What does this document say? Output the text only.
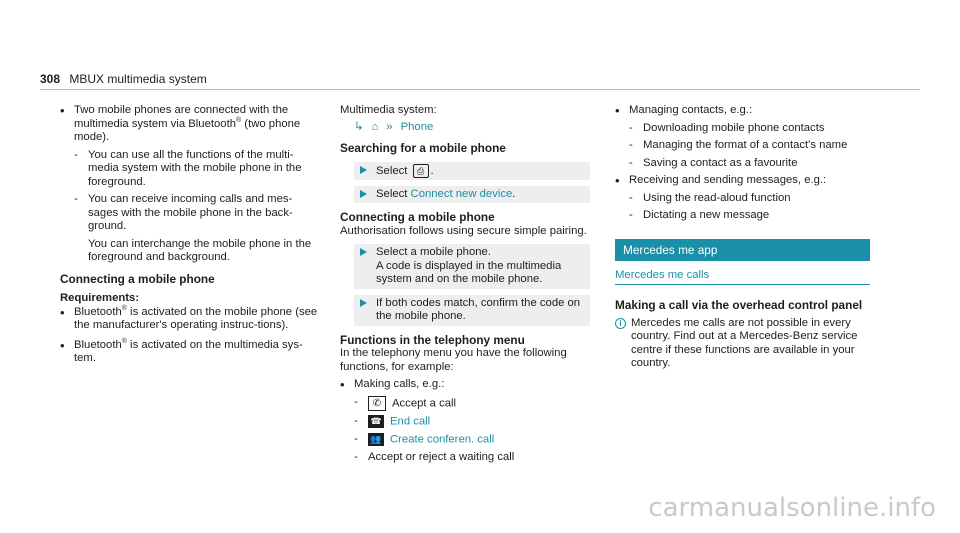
308 MBUX multimedia system
• Two mobile phones are connected with the
multimedia system via Bluetooth® (two phone
mode).
- You can use all the functions of the multi-media system with the mobile phone in the foreground.
- You can receive incoming calls and mes-sages with the mobile phone in the back-ground.
You can interchange the mobile phone in the foreground and background.
Connecting a mobile phone
Requirements:
• Bluetooth® is activated on the mobile phone (see the manufacturer's operating instruc-tions).
• Bluetooth® is activated on the multimedia sys-tem.
Multimedia system:
↳ ⌂ » Phone
Searching for a mobile phone
Select ⎙ .
Select Connect new device.
Connecting a mobile phone
Authorisation follows using secure simple pairing.
Select a mobile phone.
A code is displayed in the multimedia system and on the mobile phone.
If both codes match, confirm the code on the mobile phone.
Functions in the telephony menu
In the telephony menu you have the following functions, for example:
• Making calls, e.g.:
- ✆ Accept a call
- ☎ End call
- 👥 Create conferen. call
- Accept or reject a waiting call
• Managing contacts, e.g.:
- Downloading mobile phone contacts
- Managing the format of a contact's name
- Saving a contact as a favourite
• Receiving and sending messages, e.g.:
- Using the read-aloud function
- Dictating a new message
Mercedes me app
Mercedes me calls
Making a call via the overhead control panel
i Mercedes me calls are not possible in every country. Find out at a Mercedes-Benz service centre if these functions are available in your country.
carmanualsonline.info
